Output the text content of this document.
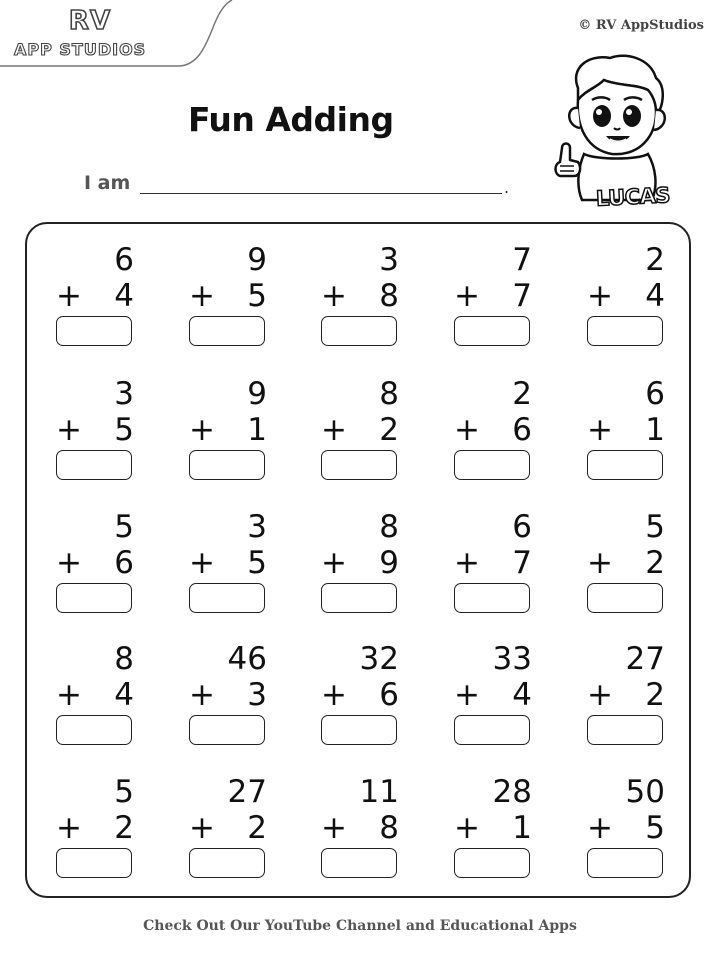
RV
APP STUDIOS
© RV AppStudios
Fun Adding
I am	.	LUCAS
6
+ 4
9
+ 5
3
+ 8
7
+ 7
2
+ 4
3
+ 5
9
+ 1
8
+ 2
2
+ 6
6
+ 1
5
+ 6
3
+ 5
8
+ 9
6
+ 7
5
+ 2
8
+ 4
46
+ 3
32
+ 6
33
+ 4
27
+ 2
5
+ 2
27
+ 2
11
+ 8
28
+ 1
50
+ 5
Check Out Our YouTube Channel and Educational Apps
